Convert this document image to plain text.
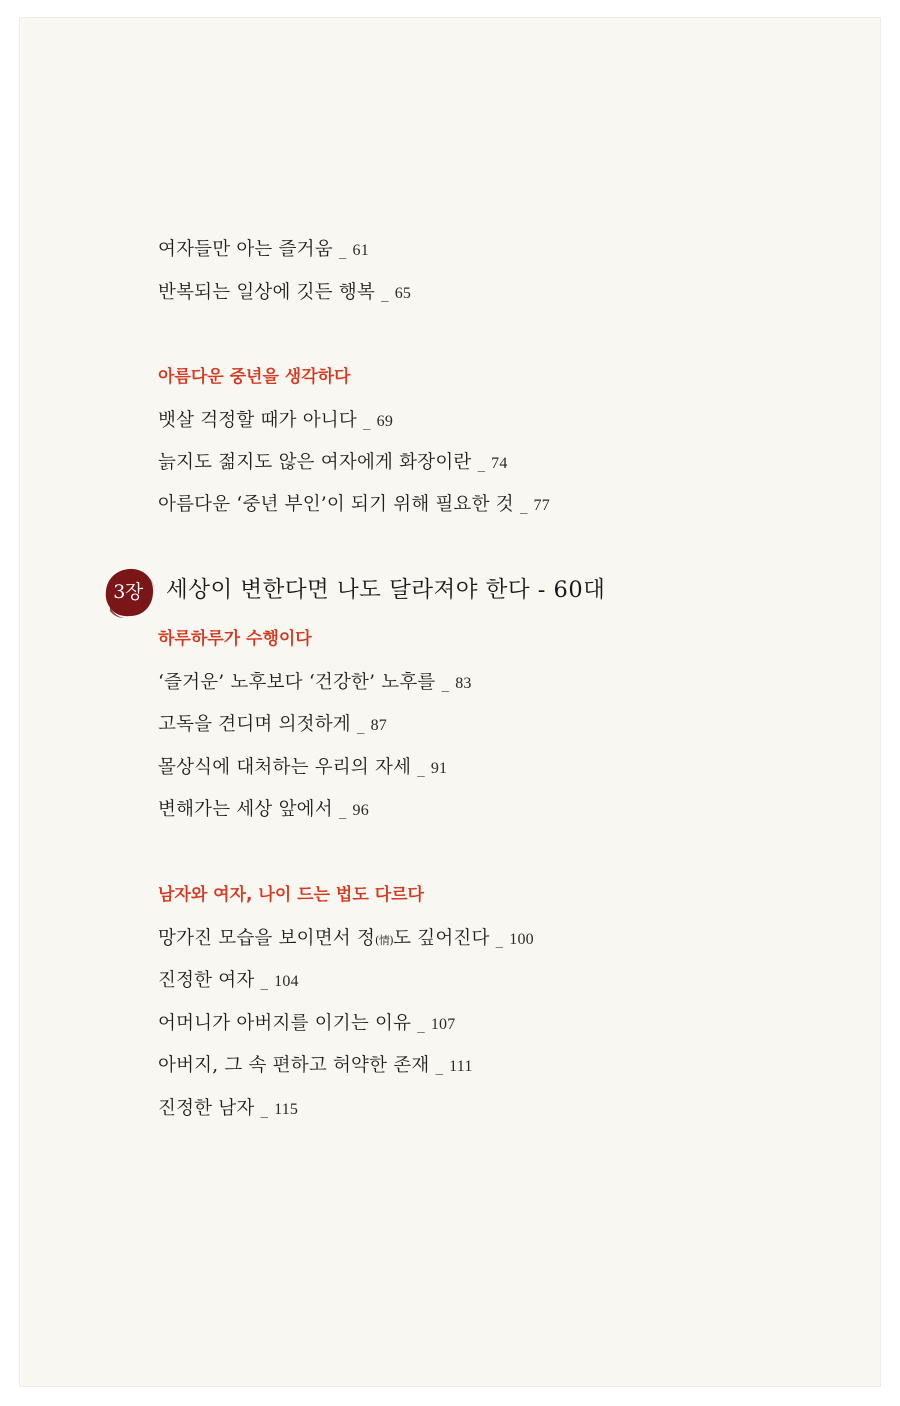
여자들만 아는 즐거움 _ 61
반복되는 일상에 깃든 행복 _ 65
아름다운 중년을 생각하다
뱃살 걱정할 때가 아니다 _ 69
늙지도 젊지도 않은 여자에게 화장이란 _ 74
아름다운 ‘중년 부인’이 되기 위해 필요한 것 _ 77
3장	세상이 변한다면 나도 달라져야 한다 - 60대
하루하루가 수행이다
‘즐거운’ 노후보다 ‘건강한’ 노후를 _ 83
고독을 견디며 의젓하게 _ 87
몰상식에 대처하는 우리의 자세 _ 91
변해가는 세상 앞에서 _ 96
남자와 여자, 나이 드는 법도 다르다
망가진 모습을 보이면서 정(情)도 깊어진다 _ 100
진정한 여자 _ 104
어머니가 아버지를 이기는 이유 _ 107
아버지, 그 속 편하고 허약한 존재 _ 111
진정한 남자 _ 115
